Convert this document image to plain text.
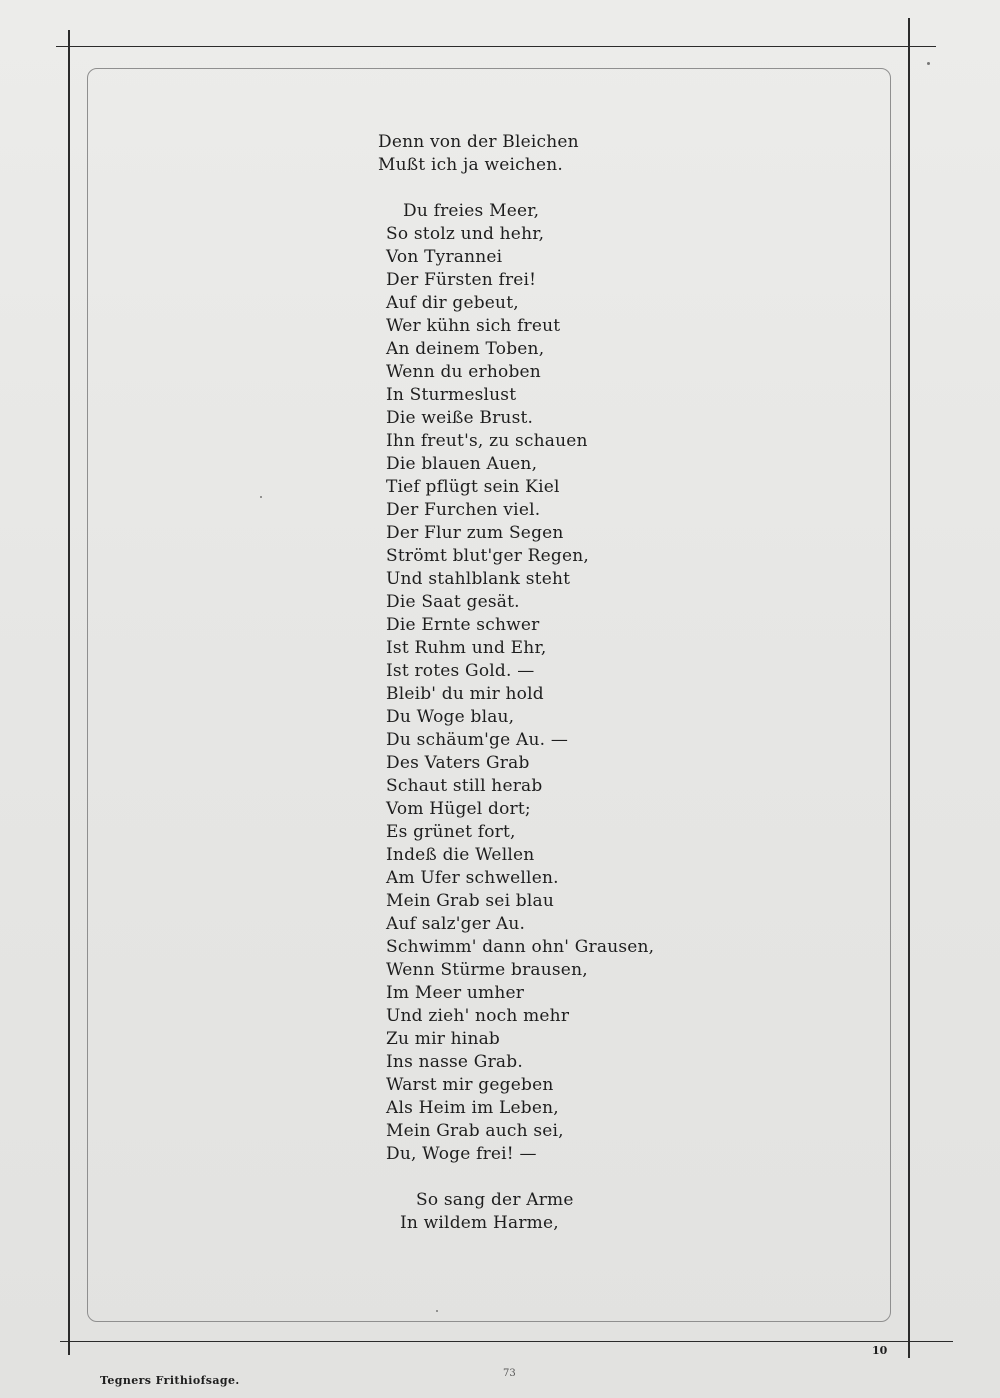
Denn von der Bleichen
Mußt ich ja weichen.
Du freies Meer,
So stolz und hehr,
Von Tyrannei
Der Fürsten frei!
Auf dir gebeut,
Wer kühn sich freut
An deinem Toben,
Wenn du erhoben
In Sturmeslust
Die weiße Brust.
Ihn freut's, zu schauen
Die blauen Auen,
Tief pflügt sein Kiel
Der Furchen viel.
Der Flur zum Segen
Strömt blut'ger Regen,
Und stahlblank steht
Die Saat gesät.
Die Ernte schwer
Ist Ruhm und Ehr,
Ist rotes Gold. —
Bleib' du mir hold
Du Woge blau,
Du schäum'ge Au. —
Des Vaters Grab
Schaut still herab
Vom Hügel dort;
Es grünet fort,
Indeß die Wellen
Am Ufer schwellen.
Mein Grab sei blau
Auf salz'ger Au.
Schwimm' dann ohn' Grausen,
Wenn Stürme brausen,
Im Meer umher
Und zieh' noch mehr
Zu mir hinab
Ins nasse Grab.
Warst mir gegeben
Als Heim im Leben,
Mein Grab auch sei,
Du, Woge frei! —
So sang der Arme
In wildem Harme,
10
Tegners Frithiofsage.
73
